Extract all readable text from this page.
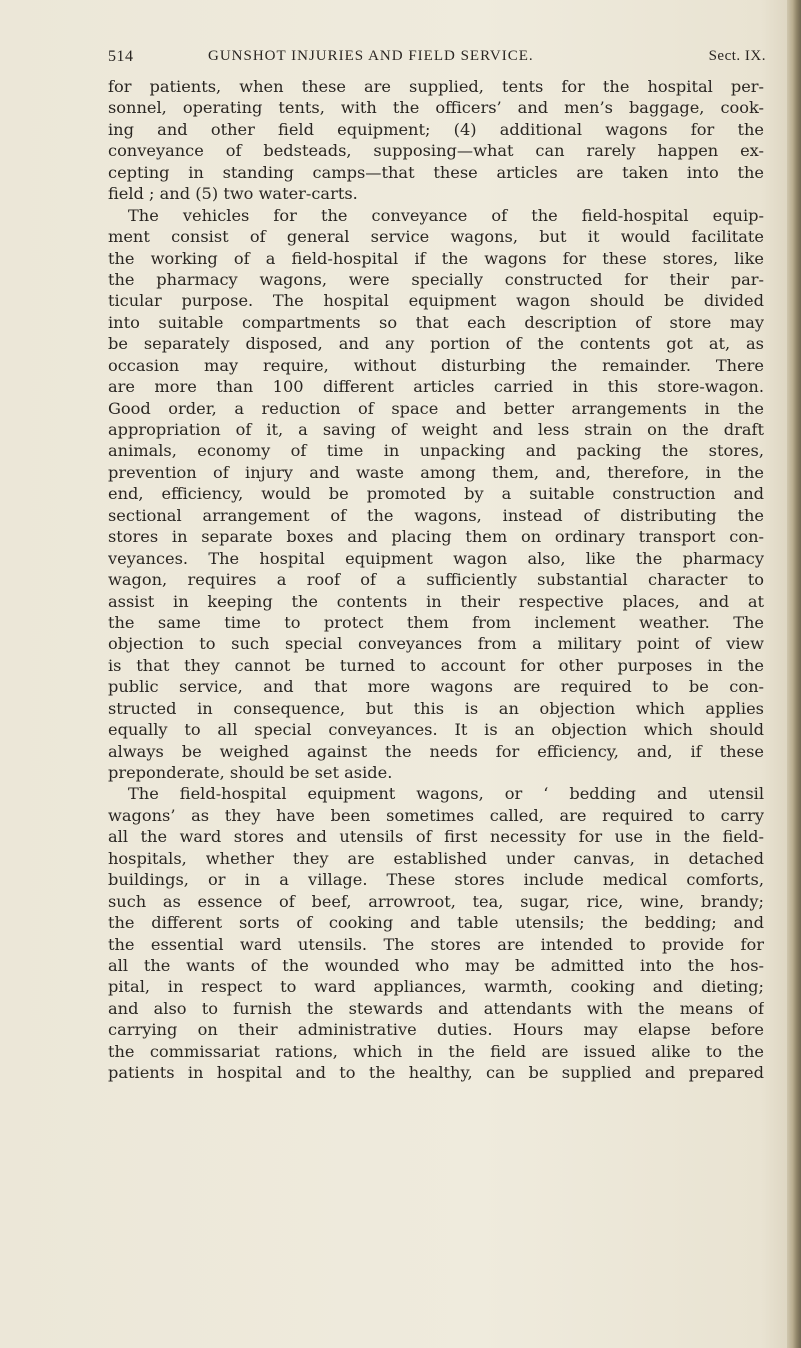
514	GUNSHOT INJURIES AND FIELD SERVICE.	Sect. IX.
for patients, when these are supplied, tents for the hospital per-
sonnel, operating tents, with the officers’ and men’s baggage, cook-
ing and other field equipment; (4) additional wagons for the
conveyance of bedsteads, supposing—what can rarely happen ex-
cepting in standing camps—that these articles are taken into the
field ; and (5) two water-carts.
The vehicles for the conveyance of the field-hospital equip-
ment consist of general service wagons, but it would facilitate
the working of a field-hospital if the wagons for these stores, like
the pharmacy wagons, were specially constructed for their par-
ticular purpose. The hospital equipment wagon should be divided
into suitable compartments so that each description of store may
be separately disposed, and any portion of the contents got at, as
occasion may require, without disturbing the remainder. There
are more than 100 different articles carried in this store-wagon.
Good order, a reduction of space and better arrangements in the
appropriation of it, a saving of weight and less strain on the draft
animals, economy of time in unpacking and packing the stores,
prevention of injury and waste among them, and, therefore, in the
end, efficiency, would be promoted by a suitable construction and
sectional arrangement of the wagons, instead of distributing the
stores in separate boxes and placing them on ordinary transport con-
veyances. The hospital equipment wagon also, like the pharmacy
wagon, requires a roof of a sufficiently substantial character to
assist in keeping the contents in their respective places, and at
the same time to protect them from inclement weather. The
objection to such special conveyances from a military point of view
is that they cannot be turned to account for other purposes in the
public service, and that more wagons are required to be con-
structed in consequence, but this is an objection which applies
equally to all special conveyances. It is an objection which should
always be weighed against the needs for efficiency, and, if these
preponderate, should be set aside.
The field-hospital equipment wagons, or ‘ bedding and utensil
wagons’ as they have been sometimes called, are required to carry
all the ward stores and utensils of first necessity for use in the field-
hospitals, whether they are established under canvas, in detached
buildings, or in a village. These stores include medical comforts,
such as essence of beef, arrowroot, tea, sugar, rice, wine, brandy;
the different sorts of cooking and table utensils; the bedding; and
the essential ward utensils. The stores are intended to provide for
all the wants of the wounded who may be admitted into the hos-
pital, in respect to ward appliances, warmth, cooking and dieting;
and also to furnish the stewards and attendants with the means of
carrying on their administrative duties. Hours may elapse before
the commissariat rations, which in the field are issued alike to the
patients in hospital and to the healthy, can be supplied and prepared
